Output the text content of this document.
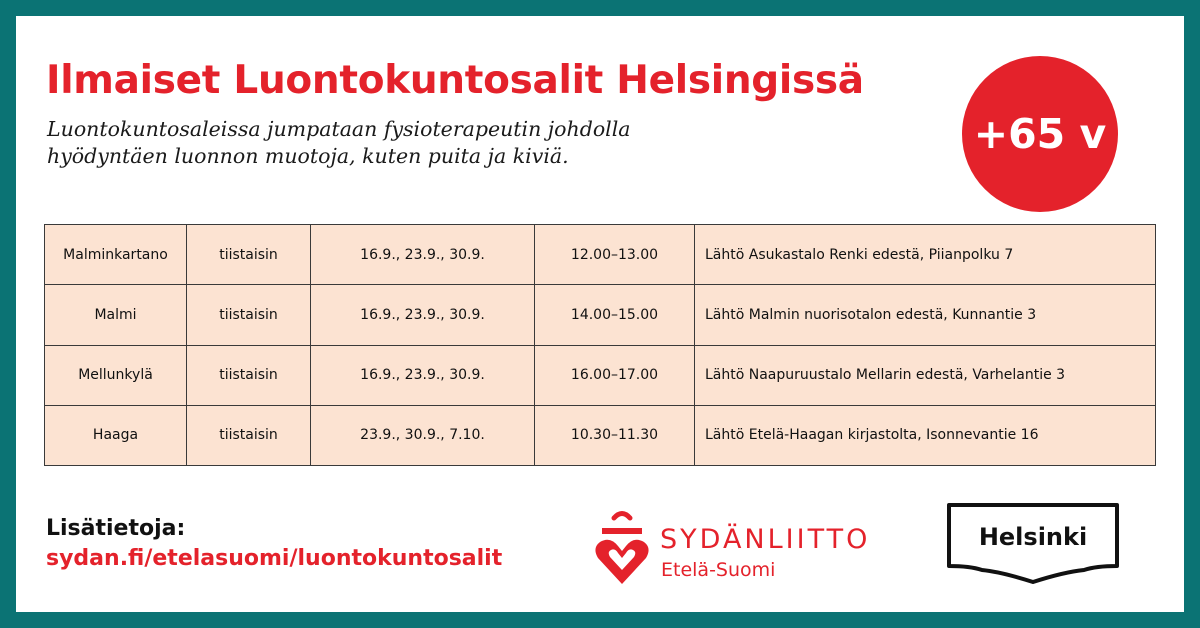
Ilmaiset Luontokuntosalit Helsingissä
Luontokuntosaleissa jumpataan fysioterapeutin johdolla
hyödyntäen luonnon muotoja, kuten puita ja kiviä.	+65 v
Malminkartano	tiistaisin	16.9., 23.9., 30.9.	12.00–13.00	Lähtö Asukastalo Renki edestä, Piianpolku 7
Malmi	tiistaisin	16.9., 23.9., 30.9.	14.00–15.00	Lähtö Malmin nuorisotalon edestä, Kunnantie 3
Mellunkylä	tiistaisin	16.9., 23.9., 30.9.	16.00–17.00	Lähtö Naapuruustalo Mellarin edestä, Varhelantie 3
Haaga	tiistaisin	23.9., 30.9., 7.10.	10.30–11.30	Lähtö Etelä-Haagan kirjastolta, Isonnevantie 16
Lisätietoja:
sydan.fi/etelasuomi/luontokuntosalit
SYDÄNLIITTO
Etelä-Suomi
Helsinki
